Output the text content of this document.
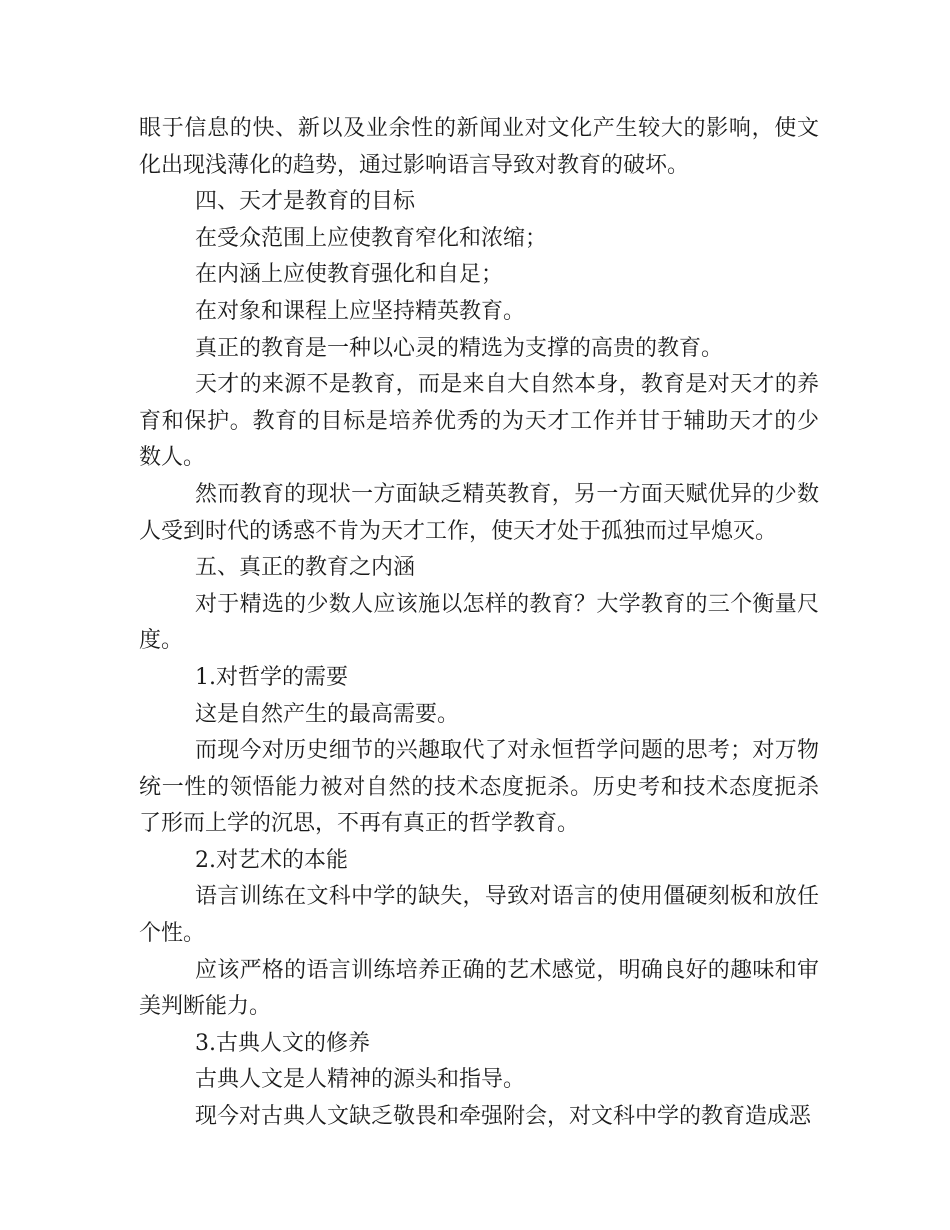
眼于信息的快、新以及业余性的新闻业对文化产生较大的影响，使文化出现浅薄化的趋势，通过影响语言导致对教育的破坏。

四、天才是教育的目标

在受众范围上应使教育窄化和浓缩；

在内涵上应使教育强化和自足；

在对象和课程上应坚持精英教育。

真正的教育是一种以心灵的精选为支撑的高贵的教育。

天才的来源不是教育，而是来自大自然本身，教育是对天才的养育和保护。教育的目标是培养优秀的为天才工作并甘于辅助天才的少数人。

然而教育的现状一方面缺乏精英教育，另一方面天赋优异的少数人受到时代的诱惑不肯为天才工作，使天才处于孤独而过早熄灭。

五、真正的教育之内涵

对于精选的少数人应该施以怎样的教育？大学教育的三个衡量尺度。

1.对哲学的需要

这是自然产生的最高需要。

而现今对历史细节的兴趣取代了对永恒哲学问题的思考；对万物统一性的领悟能力被对自然的技术态度扼杀。历史考和技术态度扼杀了形而上学的沉思，不再有真正的哲学教育。

2.对艺术的本能

语言训练在文科中学的缺失，导致对语言的使用僵硬刻板和放任个性。

应该严格的语言训练培养正确的艺术感觉，明确良好的趣味和审美判断能力。

3.古典人文的修养

古典人文是人精神的源头和指导。

现今对古典人文缺乏敬畏和牵强附会，对文科中学的教育造成恶
